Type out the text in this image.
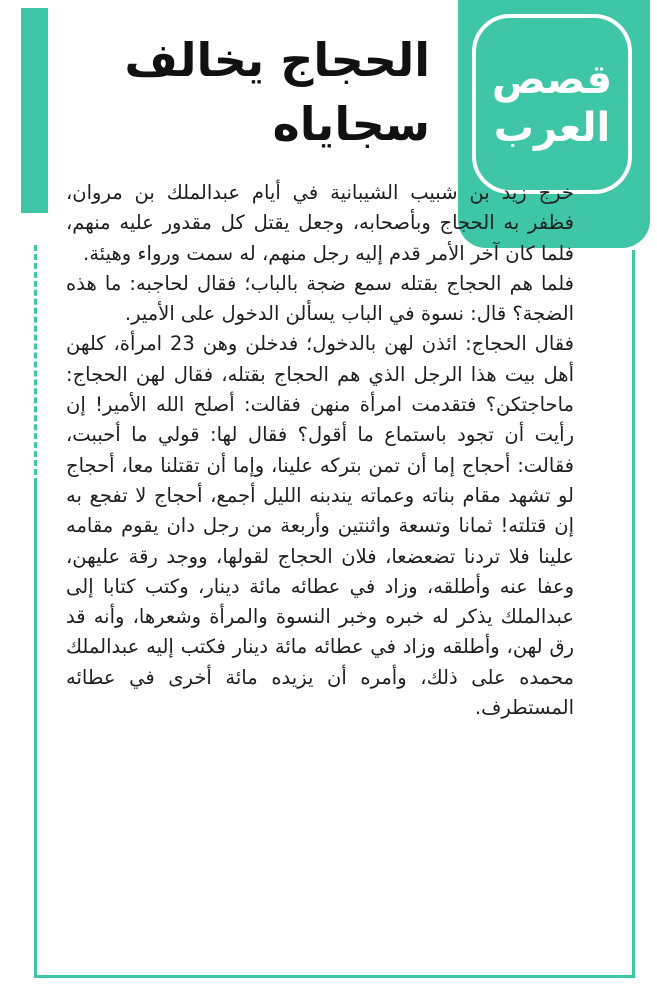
قصص
العرب
الحجاج يخالف
سجاياه

خرج زيد بن شبيب الشيبانية في أيام عبدالملك بن مروان، فظفر به الحجاج وبأصحابه، وجعل يقتل كل مقدور عليه منهم، فلما كان آخر الأمر قدم إليه رجل منهم، له سمت ورواء وهيئة.

فلما هم الحجاج بقتله سمع ضجة بالباب؛ فقال لحاجبه: ما هذه الضجة؟ قال: نسوة في الباب يسألن الدخول على الأمير.

فقال الحجاج: ائذن لهن بالدخول؛ فدخلن وهن 23 امرأة، كلهن أهل بيت هذا الرجل الذي هم الحجاج بقتله، فقال لهن الحجاج: ماحاجتكن؟ فتقدمت امرأة منهن فقالت: أصلح الله الأمير! إن رأيت أن تجود باستماع ما أقول؟ فقال لها: قولي ما أحببت، فقالت: أحجاج إما أن تمن بتركه علينا، وإما أن تقتلنا معا، أحجاج لو تشهد مقام بناته وعماته يندبنه الليل أجمع، أحجاج لا تفجع به إن قتلته! ثمانا وتسعة واثنتين وأربعة من رجل دان يقوم مقامه علينا فلا تردنا تضعضعا، فلان الحجاج لقولها، ووجد رقة عليهن، وعفا عنه وأطلقه، وزاد في عطائه مائة دينار، وكتب كتابا إلى عبدالملك يذكر له خبره وخبر النسوة والمرأة وشعرها، وأنه قد رق لهن، وأطلقه وزاد في عطائه مائة دينار فكتب إليه عبدالملك محمده على ذلك، وأمره أن يزيده مائة أخرى في عطائه المستطرف.
